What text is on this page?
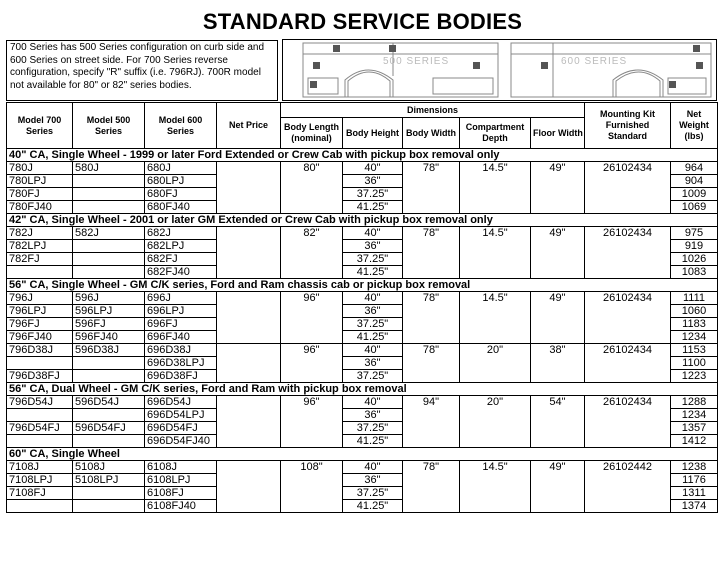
STANDARD SERVICE BODIES
700 Series has 500 Series configuration on curb side and 600 Series on street side. For 700 Series reverse configuration, specify "R" suffix (i.e. 796RJ). 700R model not available for 80" or 82" series bodies.
500 SERIES	600 SERIES
Model 700 Series	Model 500 Series	Model 600 Series	Net Price	Dimensions					Mounting Kit Furnished Standard	Net Weight (lbs)
				Body Length (nominal)	Body Height	Body Width	Compartment Depth	Floor Width		
40" CA, Single Wheel - 1999 or later Ford Extended or Crew Cab with pickup box removal only										
780J	580J	680J		80"	40"	78"	14.5"	49"	26102434	964
780LPJ		680LPJ			36"					904
780FJ		680FJ			37.25"					1009
780FJ40		680FJ40			41.25"					1069
42" CA, Single Wheel - 2001 or later GM Extended or Crew Cab with pickup box removal only										
782J	582J	682J		82"	40"	78"	14.5"	49"	26102434	975
782LPJ		682LPJ			36"					919
782FJ		682FJ			37.25"					1026
		682FJ40			41.25"					1083
56" CA, Single Wheel - GM C/K series, Ford and Ram chassis cab or pickup box removal										
796J	596J	696J		96"	40"	78"	14.5"	49"	26102434	1111
796LPJ	596LPJ	696LPJ			36"					1060
796FJ	596FJ	696FJ			37.25"					1183
796FJ40	596FJ40	696FJ40			41.25"					1234
796D38J	596D38J	696D38J		96"	40"	78"	20"	38"	26102434	1153
		696D38LPJ			36"					1100
796D38FJ		696D38FJ			37.25"					1223
56" CA, Dual Wheel - GM C/K series, Ford and Ram with pickup box removal										
796D54J	596D54J	696D54J		96"	40"	94"	20"	54"	26102434	1288
		696D54LPJ			36"					1234
796D54FJ	596D54FJ	696D54FJ			37.25"					1357
		696D54FJ40			41.25"					1412
60" CA, Single Wheel										
7108J	5108J	6108J		108"	40"	78"	14.5"	49"	26102442	1238
7108LPJ	5108LPJ	6108LPJ			36"					1176
7108FJ		6108FJ			37.25"					1311
		6108FJ40			41.25"					1374
